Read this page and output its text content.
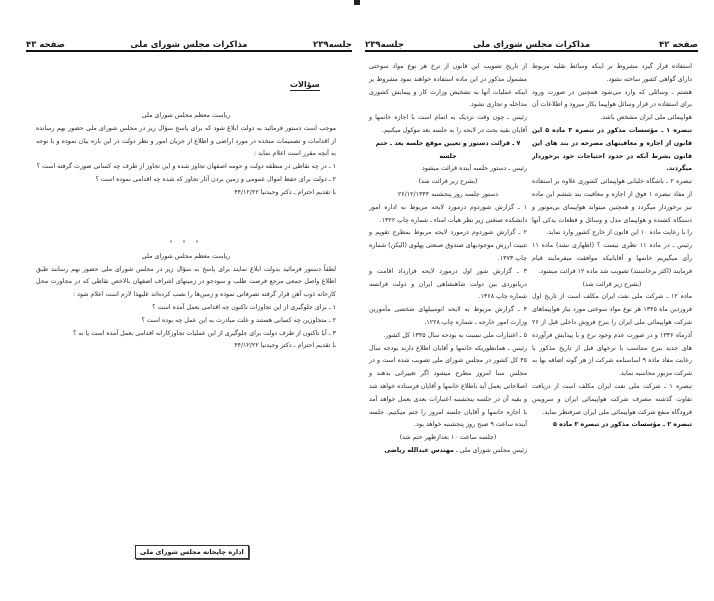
جلسه۲۳۹
مذاکرات مجلس شورای ملی
صفحه ۴۳
سؤالات

ریاست معظم مجلس شورای ملی

موجب است دستور فرمائید به دولت ابلاغ شود که برای پاسخ سؤال زیر در مجلس شورای ملی حضور بهم رسانده از اقدامات و تصمیمات متخذه در مورد اراضی و اطلاع از جریان امور و نظر دولت در این باره بیان نموده و با توجه به آنچه مقرر است اعلام نماید :

۱ ـ در چه نقاطی در منطقه دولت و حومه اصفهان تجاوز شده و این تجاوز از طرف چه کسانی صورت گرفته است ؟

۲ ـ دولت برای حفظ اموال عمومی و زمین بردن آثار تجاوز که شده چه اقدامی نموده است ؟

با تقدیم احترام ـ دکتر وحیدنیا ۴۴/۱۲/۲۲

° ° °

ریاست معظم مجلس شورای ملی

لطفاً دستور فرمائید بدولت ابلاغ نمایند برای پاسخ به سؤال زیر در مجلس شورای ملی حضور بهم رسانند طبق اطلاع واصل جمعی مرجع فرصت طلب و سودجو در زمینهای اشراف اصفهان بالاخص نقاطی که در مجاورت محل کارخانه ذوب آهن قرار گرفته تصرفاتی نموده و زمین‌ها را نصب کرده‌اند علیهذا لازم است اعلام شود :

۱ ـ برای جلوگیری از این تجاوزات تاکنون چه اقدامی بعمل آمده است ؟

۲ ـ متجاوزین چه کسانی هستند و علت مبادرت به این عمل چه بوده است ؟

۳ ـ آیا تاکنون از طرف دولت برای جلوگیری از این عملیات تجاوزکارانه اقدامی بعمل آمده است یا نه ؟

با تقدیم احترام ـ دکتر وحیدنیا ۴۴/۱۲/۲۲

اداره چاپخانه مجلس شورای ملی
صفحه ۴۲
مذاکرات مجلس شورای ملی
جلسه۲۳۹

استفاده قرار گیرد مشروط بر اینکه وسائط نقلیه مربوط دارای گواهی کشور ساخته نشود.

هشتم ـ وسائلی که وارد می‌شود همچنین در صورت ورود برای استفاده در قرار وسائل هواپیما بکار میرود و اطلاعات آن هواپیمائی ملی ایران مشخص باشد.

تبصره ۱ ـ مؤسسات مذکور در تبصره ۳ ماده ۵ این قانون از اجازه و معافیتهای مصرحه در بند های این قانون بشرط آنکه در حدود احتیاجات خود برخوردار میگردند.

تبصره ۲ ـ باشگاه خلبانی هواپیمائی کشوری علاوه بر استفاده از مفاد تبصره ۱ فوق از اجازه و معافیت بند ششم این ماده نیز برخوردار میگردد و همچنین میتواند هواپیمای بی‌موتور و دستگاه کشنده و هواپیمای مدل و وسائل و قطعات یدکی آنها را با رعایت ماده ۱۰ این قانون از خارج کشور وارد نماید.

رئیس ـ در ماده ۱۱ نظری نیست ؟ (اظهاری نشد) ماده ۱۱ رأی میگیریم خانمها و آقایانیکه موافقت میفرمایند قیام فرمایند (اکثر برخاستند) تصویب شد ماده ۱۲ قرائت میشود.

(بشرح زیر قرائت شد)

ماده ۱۲ ـ شرکت ملی نفت ایران مکلف است از تاریخ اول فروردین ماه ۱۳۴۵ هر نوع مواد سوختی مورد نیاز هواپیماهای شرکت هواپیمائی ملی ایران را بنرخ فروش داخلی قبل از ۲۶ آذرماه ۱۳۳۶ و در صورت عدم وجود نرخ و یا پیدایش فرآورده های جدید بنرخ متناسب با نرخهای قبل از تاریخ مذکور با رعایت مفاد ماده ۹ اساسنامه شرکت از هر گونه اضافه بها به شرکت مزبور محاسبه نماید.

تبصره ۱ ـ شرکت ملی نفت ایران مکلف است از دریافت تفاوت گذشته مصرف شرکت هواپیمائی ایران و سرویس فرودگاه منفع شرکت هواپیمائی ملی ایران صرفنظر نماید.

تبصره ۲ ـ مؤسسات مذکور در تبصره ۲ ماده ۵

از تاریخ تصویب این قانون از نرخ هر نوع مواد سوختی مشمول مذکور در این ماده استفاده خواهند نمود مشروط بر اینکه عملیات آنها به تشخیص وزارت کار و پیمایش کشوری مداخله و تجاری نشود.

رئیس ـ چون وقت نزدیک به اتمام است با اجازه خانمها و آقایان بقیه بحث در لایحه را به جلسه بعد موکول میکنیم.

۷ ـ قرائت دستور و تعیین موقع جلسه بعد ـ ختم جلسه

رئیس ـ دستور جلسه آینده قرائت میشود

(بشرح زیر قرائت شد)

دستور جلسه روز پنجشنبه ۲۶/۱۲/۱۳۴۴

۱ ـ گزارش شوردوم درمورد لایحه مربوط به اداره امور دانشکده صنعتی زیر نظر هیأت امناء ـ شماره چاپ ۱۳۲۲.

۲ ـ گزارش شوردوم درمورد لایحه مربوط بمطرح تقویم و تثبیت ارزش موجودیهای صندوق صنعتی پهلوی (الیکن) شماره چاپ ۱۳۷۳.

۳ ـ گزارش شور اول درمورد لایحه قرارداد اقامت و دریانوردی بین دولت شاهنشاهی ایران و دولت فرانسه شماره چاپ ۱۳۶۸.

۴ ـ گزارش مربوط به لایحه اتومبیلهای شخصی مأمورین وزارت امور خارجه ـ شماره چاپ ۱۲۲۸.

۵ ـ اعتبارات ملی نسبت به بودجه سال ۱۳۴۵ کل کشور.

رئیس ـ همانطوریکه خانمها و آقایان اطلاع دارند بودجه سال ۴۵ کل کشور در مجلس شورای ملی تصویب شده است و در مجلس سنا امروز مطرح میشود اگر تغییراتی بدهند و اصلاحاتی بعمل آید باطلاع خانمها و آقایان فرستاده خواهد شد و بقیه آن در جلسه پنجشنبه اعتبارات بعدی بعمل خواهد آمد با اجازه خانمها و آقایان جلسه امروز را ختم میکنیم. جلسه آینده ساعت ۹ صبح روز پنجشنبه خواهد بود.

(جلسه ساعت ۱۰ بعدازظهر ختم شد)

رئیس مجلس شورای ملی ـ مهندس عبدالله ریاضی
